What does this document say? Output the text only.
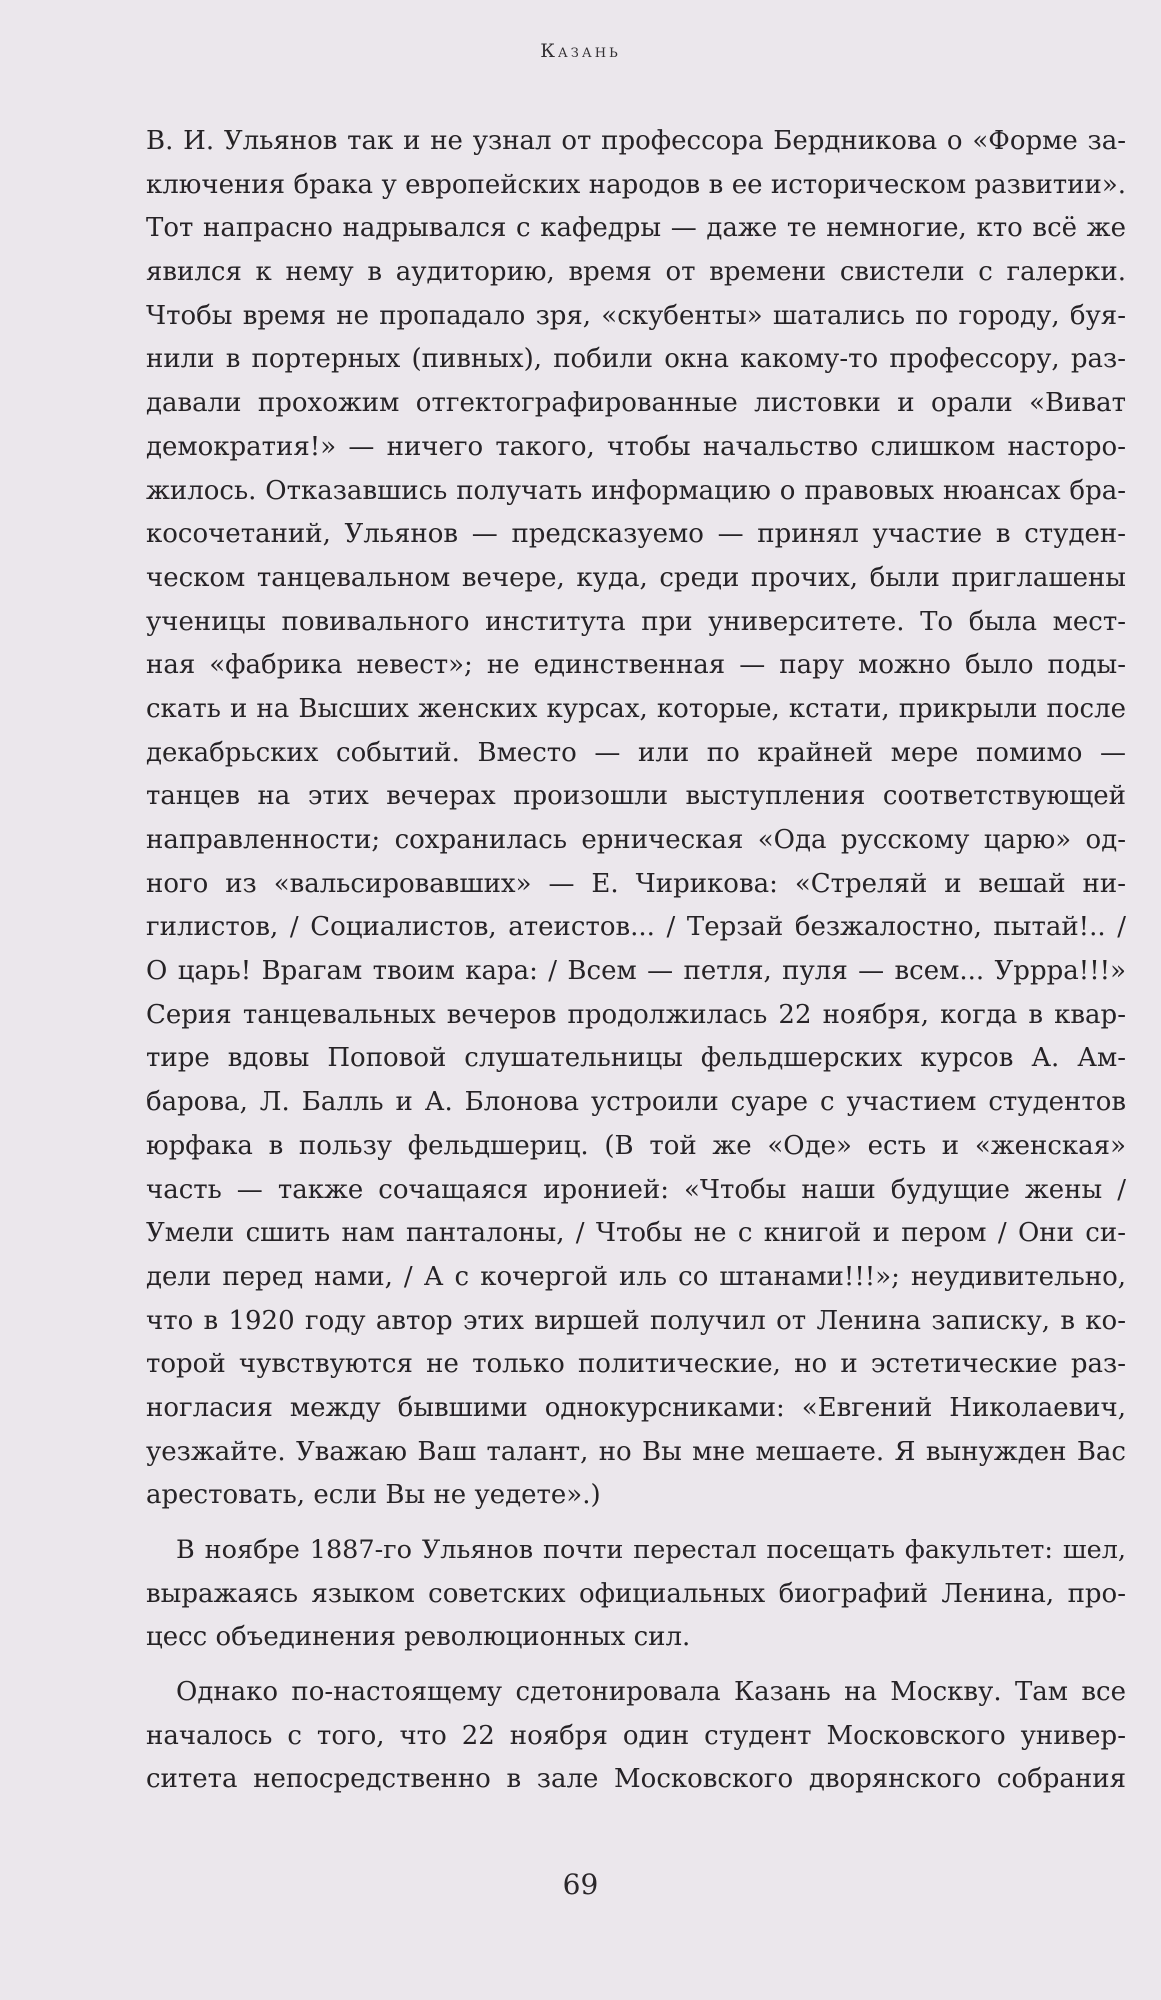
Казань

В. И. Ульянов так и не узнал от профессора Бердникова о «Форме за-
ключения брака у европейских народов в ее историческом развитии».
Тот напрасно надрывался с кафедры — даже те немногие, кто всё же
явился к нему в аудиторию, время от времени свистели с галерки.
Чтобы время не пропадало зря, «скубенты» шатались по городу, буя-
нили в портерных (пивных), побили окна какому-то профессору, раз-
давали прохожим отгектографированные листовки и орали «Виват
демократия!» — ничего такого, чтобы начальство слишком насторо-
жилось. Отказавшись получать информацию о правовых нюансах бра-
косочетаний, Ульянов — предсказуемо — принял участие в студен-
ческом танцевальном вечере, куда, среди прочих, были приглашены
ученицы повивального института при университете. То была мест-
ная «фабрика невест»; не единственная — пару можно было поды-
скать и на Высших женских курсах, которые, кстати, прикрыли после
декабрьских событий. Вместо — или по крайней мере помимо —
танцев на этих вечерах произошли выступления соответствующей
направленности; сохранилась ерническая «Ода русскому царю» од-
ного из «вальсировавших» — Е. Чирикова: «Стреляй и вешай ни-
гилистов, / Социалистов, атеистов... / Терзай безжалостно, пытай!.. /
О царь! Врагам твоим кара: / Всем — петля, пуля — всем... Уррра!!!»
Серия танцевальных вечеров продолжилась 22 ноября, когда в квар-
тире вдовы Поповой слушательницы фельдшерских курсов А. Ам-
барова, Л. Балль и А. Блонова устроили суаре с участием студентов
юрфака в пользу фельдшериц. (В той же «Оде» есть и «женская»
часть — также сочащаяся иронией: «Чтобы наши будущие жены /
Умели сшить нам панталоны, / Чтобы не с книгой и пером / Они си-
дели перед нами, / А с кочергой иль со штанами!!!»; неудивительно,
что в 1920 году автор этих виршей получил от Ленина записку, в ко-
торой чувствуются не только политические, но и эстетические раз-
ногласия между бывшими однокурсниками: «Евгений Николаевич,
уезжайте. Уважаю Ваш талант, но Вы мне мешаете. Я вынужден Вас
арестовать, если Вы не уедете».)

В ноябре 1887-го Ульянов почти перестал посещать факультет: шел,
выражаясь языком советских официальных биографий Ленина, про-
цесс объединения революционных сил.

Однако по-настоящему сдетонировала Казань на Москву. Там все
началось с того, что 22 ноября один студент Московского универ-
ситета непосредственно в зале Московского дворянского собрания

69
